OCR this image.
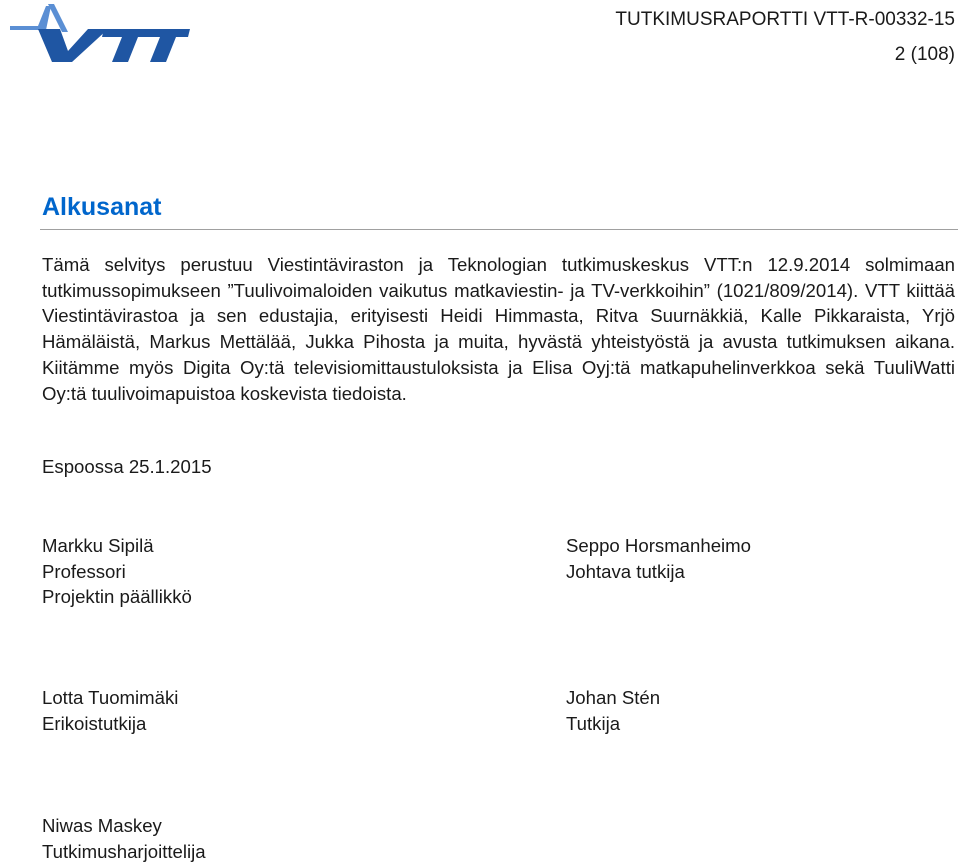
TUTKIMUSRAPORTTI VTT-R-00332-15
2 (108)
Alkusanat

Tämä selvitys perustuu Viestintäviraston ja Teknologian tutkimuskeskus VTT:n 12.9.2014 solmimaan tutkimussopimukseen ”Tuulivoimaloiden vaikutus matkaviestin- ja TV-verkkoihin” (1021/809/2014). VTT kiittää Viestintävirastoa ja sen edustajia, erityisesti Heidi Himmasta, Ritva Suurnäkkiä, Kalle Pikkaraista, Yrjö Hämäläistä, Markus Mettälää, Jukka Pihosta ja muita, hyvästä yhteistyöstä ja avusta tutkimuksen aikana. Kiitämme myös Digita Oy:tä televisiomittaustuloksista ja Elisa Oyj:tä matkapuhelinverkkoa sekä TuuliWatti Oy:tä tuulivoimapuistoa koskevista tiedoista.

Espoossa 25.1.2015
Markku Sipilä
Professori
Projektin päällikkö
Seppo Horsmanheimo
Johtava tutkija
Lotta Tuomimäki
Erikoistutkija
Johan Stén
Tutkija
Niwas Maskey
Tutkimusharjoittelija
